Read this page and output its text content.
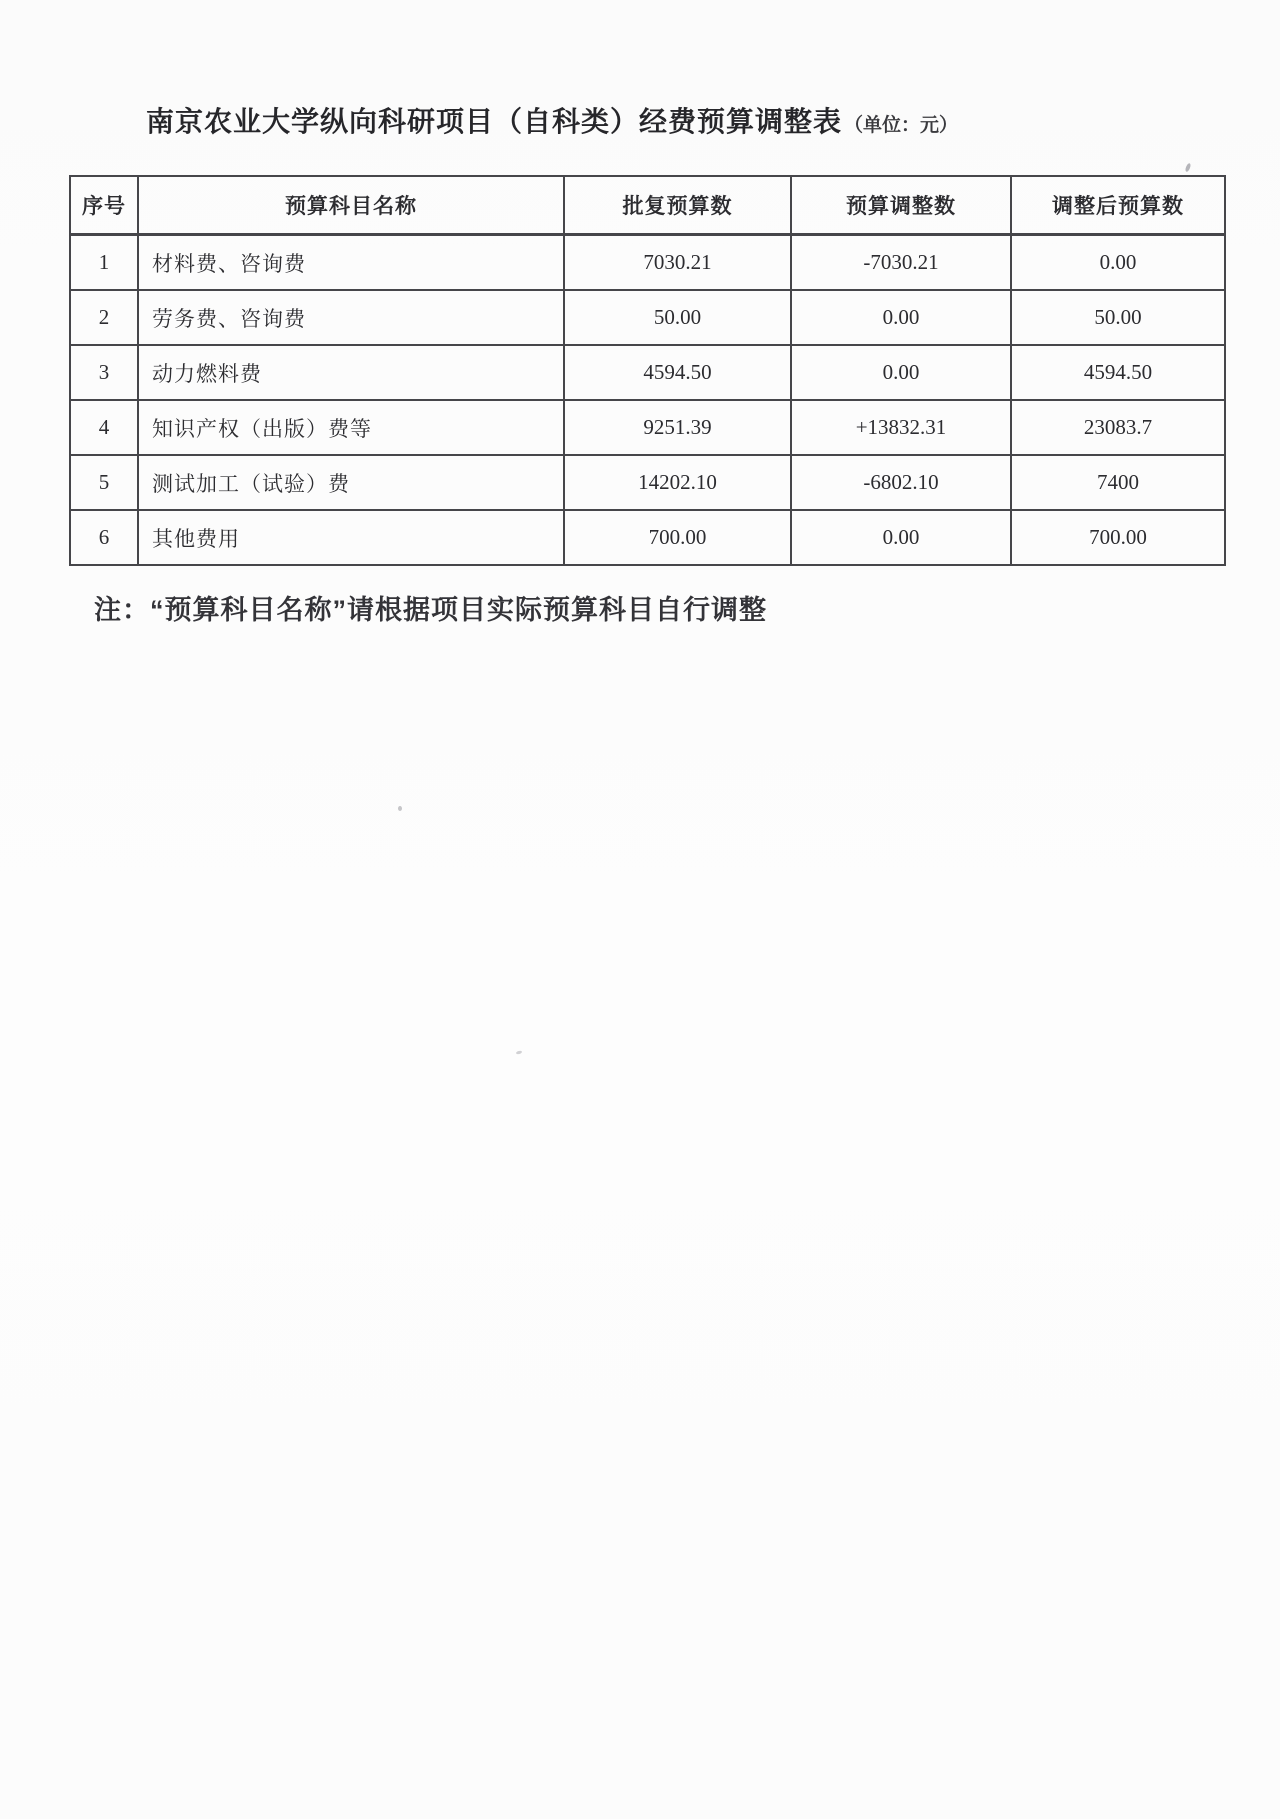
南京农业大学纵向科研项目（自科类）经费预算调整表 （单位：元）
序号	预算科目名称	批复预算数	预算调整数	调整后预算数
1	材料费、咨询费	7030.21	-7030.21	0.00
2	劳务费、咨询费	50.00	0.00	50.00
3	动力燃料费	4594.50	0.00	4594.50
4	知识产权（出版）费等	9251.39	+13832.31	23083.7
5	测试加工（试验）费	14202.10	-6802.10	7400
6	其他费用	700.00	0.00	700.00
注：“预算科目名称”请根据项目实际预算科目自行调整
